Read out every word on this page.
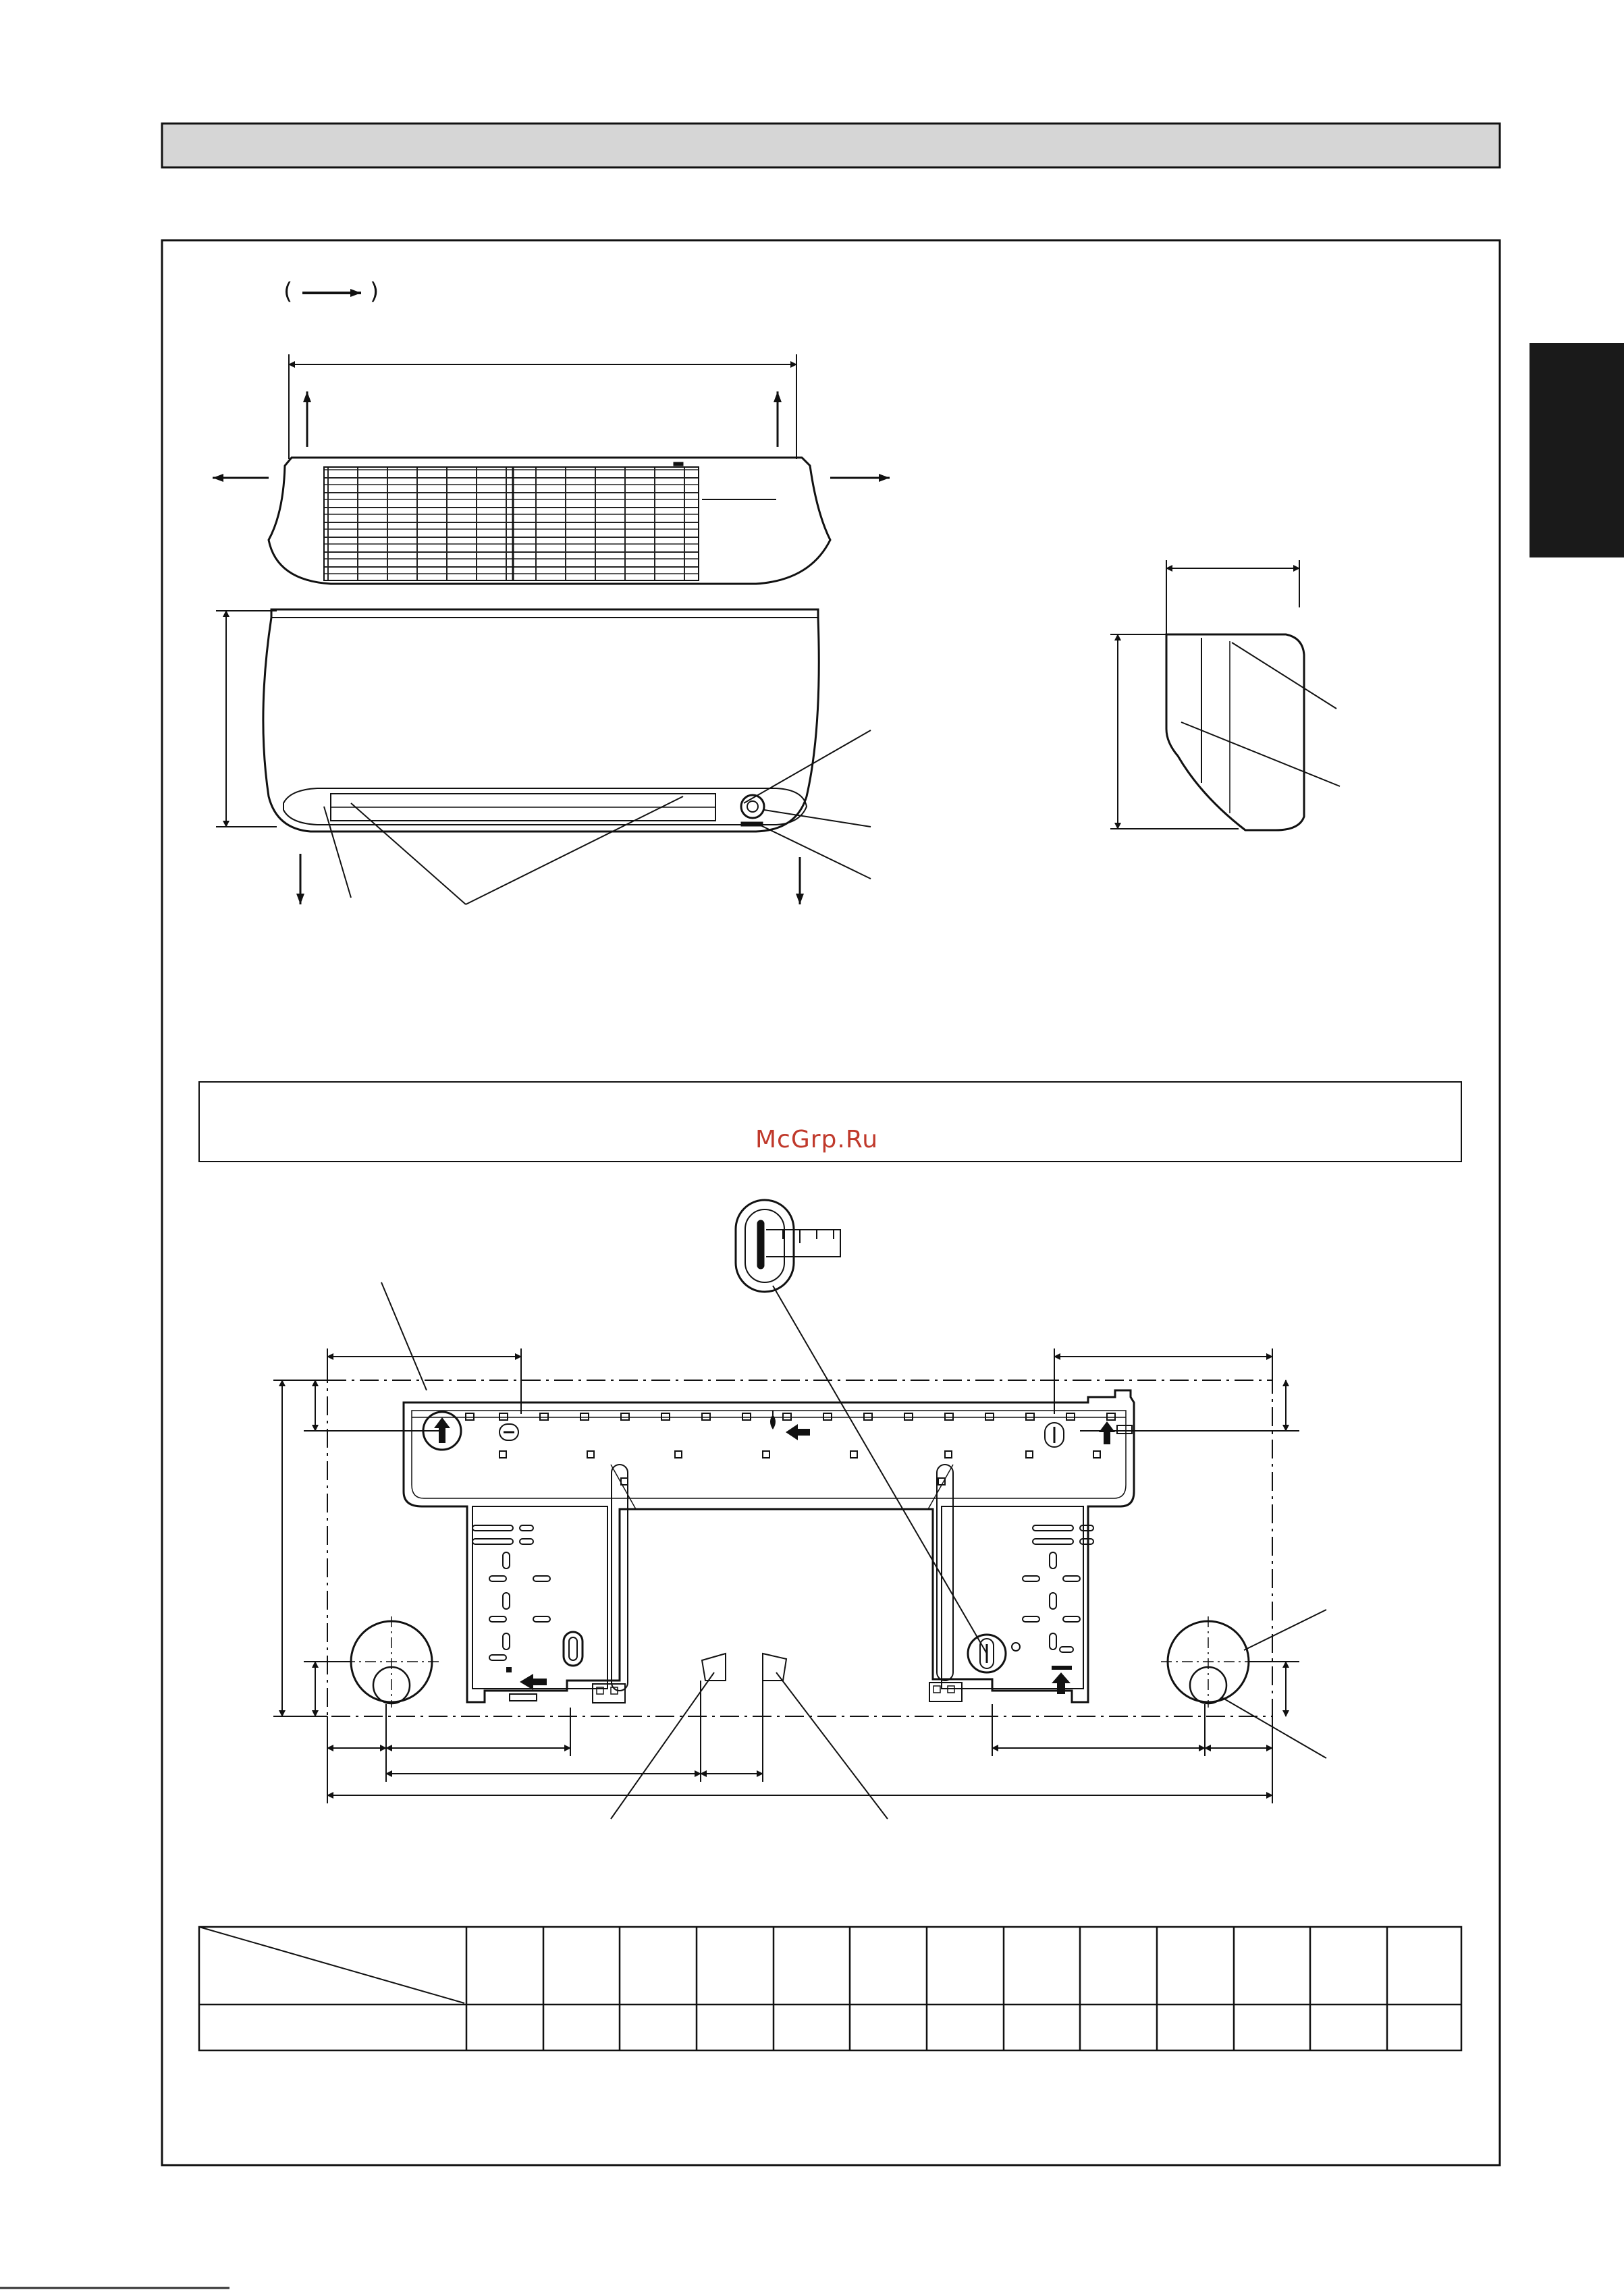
(	)
McGrp.Ru
